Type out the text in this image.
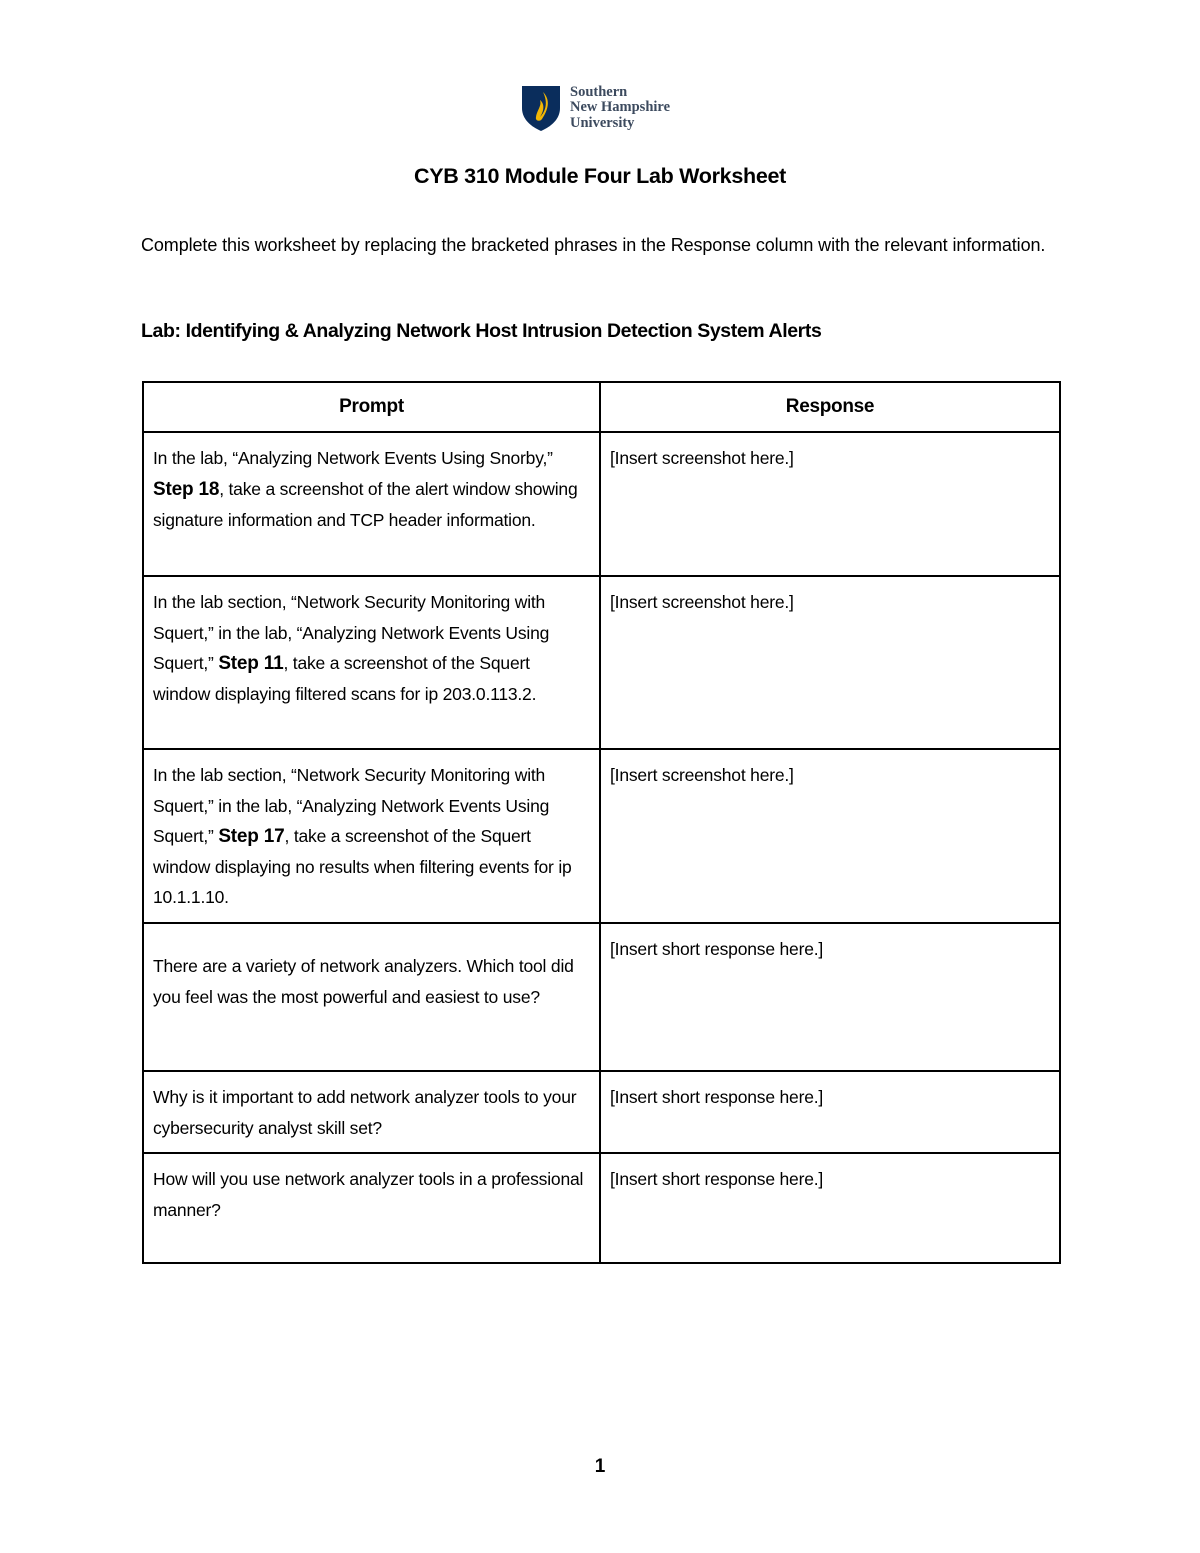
Southern
New Hampshire
University
CYB 310 Module Four Lab Worksheet
Complete this worksheet by replacing the bracketed phrases in the Response column with the relevant information.
Lab: Identifying & Analyzing Network Host Intrusion Detection System Alerts
Prompt	Response
In the lab, “Analyzing Network Events Using Snorby,” Step 18, take a screenshot of the alert window showing signature information and TCP header information.	[Insert screenshot here.]
In the lab section, “Network Security Monitoring with Squert,” in the lab, “Analyzing Network Events Using Squert,” Step 11, take a screenshot of the Squert window displaying filtered scans for ip 203.0.113.2.	[Insert screenshot here.]
In the lab section, “Network Security Monitoring with Squert,” in the lab, “Analyzing Network Events Using Squert,” Step 17, take a screenshot of the Squert window displaying no results when filtering events for ip 10.1.1.10.	[Insert screenshot here.]
There are a variety of network analyzers. Which tool did you feel was the most powerful and easiest to use?	[Insert short response here.]
Why is it important to add network analyzer tools to your cybersecurity analyst skill set?	[Insert short response here.]
How will you use network analyzer tools in a professional manner?	[Insert short response here.]
1
